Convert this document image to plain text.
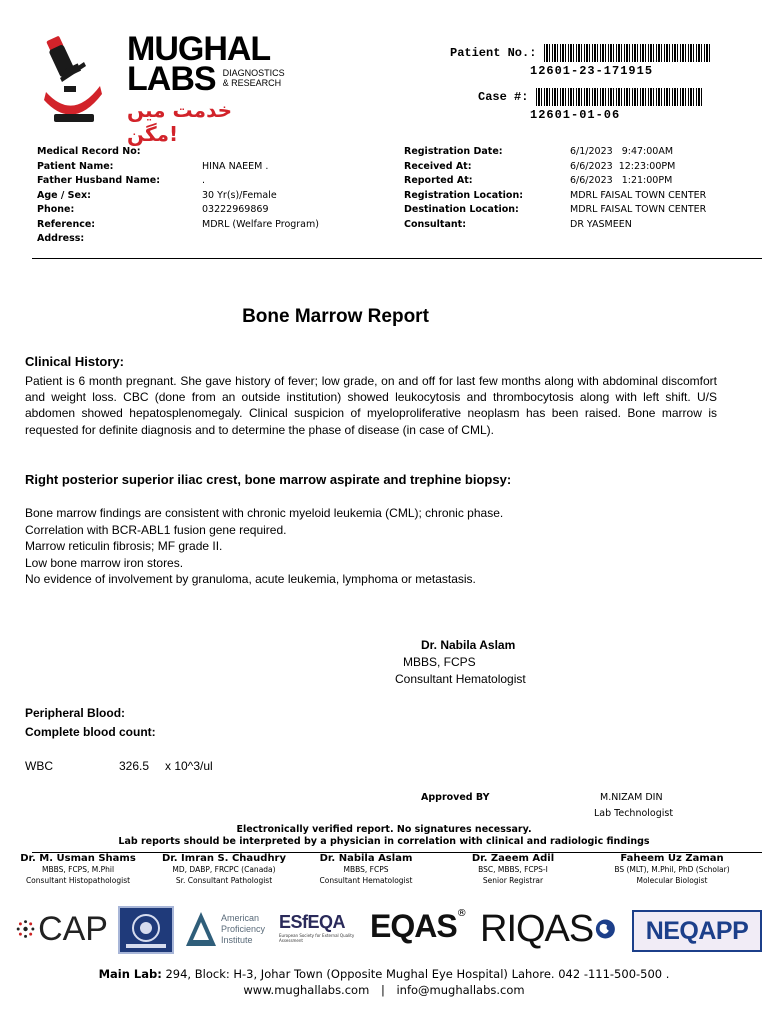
MUGHAL
LABS DIAGNOSTICS
& RESEARCH
خدمت میں مگن!
Patient No.:
12601-23-171915
Case #:
12601-01-06
Medical Record No:
Patient Name:	HINA NAEEM .
Father Husband Name:	.
Age / Sex:	30 Yr(s)/Female
Phone:	03222969869
Reference:	MDRL (Welfare Program)
Address:
Registration Date:	6/1/2023   9:47:00AM
Received At:	6/6/2023  12:23:00PM
Reported At:	6/6/2023   1:21:00PM
Registration Location:	MDRL FAISAL TOWN CENTER
Destination Location:	MDRL FAISAL TOWN CENTER
Consultant:	DR YASMEEN
Bone Marrow Report
Clinical History:
Patient is 6 month pregnant. She gave history of fever; low grade, on and off for last few months along with abdominal discomfort and weight loss. CBC (done from an outside institution) showed leukocytosis and thrombocytosis along with left shift. U/S abdomen showed hepatosplenomegaly. Clinical suspicion of myeloproliferative neoplasm has been raised. Bone marrow is requested for definite diagnosis and to determine the phase of disease (in case of CML).
Right posterior superior iliac crest, bone marrow aspirate and trephine biopsy:
Bone marrow findings are consistent with chronic myeloid leukemia (CML); chronic phase.
Correlation with BCR-ABL1 fusion gene required.
Marrow reticulin fibrosis; MF grade II.
Low bone marrow iron stores.
No evidence of involvement by granuloma, acute leukemia, lymphoma or metastasis.
Dr. Nabila Aslam
MBBS, FCPS
Consultant Hematologist
Peripheral Blood:
Complete blood count:
WBC	326.5 x 10^3/ul
Approved BY	M.NIZAM DIN
Lab Technologist
Electronically verified report. No signatures necessary.
Lab reports should be interpreted by a physician in correlation with clinical and radiologic findings
Dr. M. Usman Shams
MBBS, FCPS, M.Phil
Consultant Histopathologist
Dr. Imran S. Chaudhry
MD, DABP, FRCPC (Canada)
Sr. Consultant Pathologist
Dr. Nabila Aslam
MBBS, FCPS
Consultant Hematologist
Dr. Zaeem Adil
BSC, MBBS, FCPS-I
Senior Registrar
Faheem Uz Zaman
BS (MLT), M.Phil, PhD (Scholar)
Molecular Biologist
CAP	American
Proficiency
Institute
ESfEQA
European Society for External Quality Assessment	EQAS® RIQAS NEQAPP
Main Lab: 294, Block: H-3, Johar Town (Opposite Mughal Eye Hospital) Lahore. 042 -111-500-500 .
www.mughallabs.com | info@mughallabs.com
